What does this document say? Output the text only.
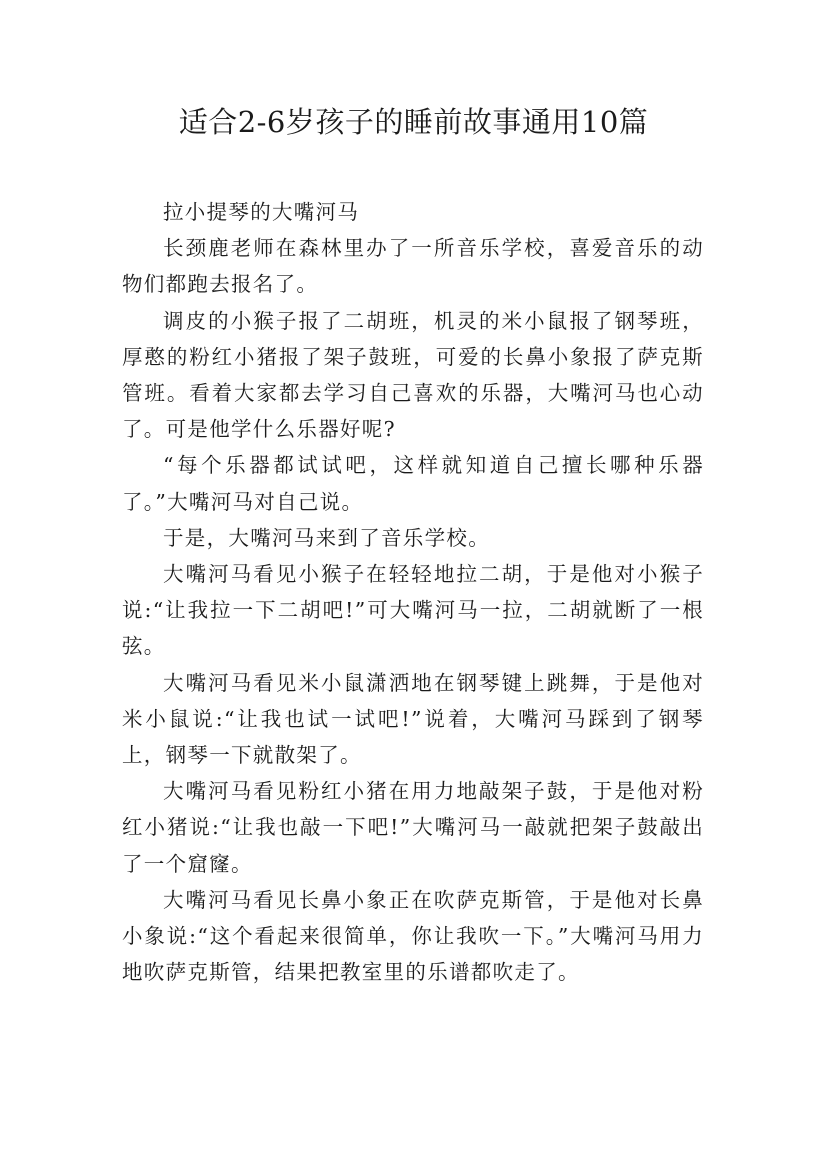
适合2-6岁孩子的睡前故事通用10篇

拉小提琴的大嘴河马

长颈鹿老师在森林里办了一所音乐学校，喜爱音乐的动物们都跑去报名了。

调皮的小猴子报了二胡班，机灵的米小鼠报了钢琴班，厚憨的粉红小猪报了架子鼓班，可爱的长鼻小象报了萨克斯管班。看着大家都去学习自己喜欢的乐器，大嘴河马也心动了。可是他学什么乐器好呢?

“每个乐器都试试吧，这样就知道自己擅长哪种乐器了。”大嘴河马对自己说。

于是，大嘴河马来到了音乐学校。

大嘴河马看见小猴子在轻轻地拉二胡，于是他对小猴子说:“让我拉一下二胡吧!”可大嘴河马一拉，二胡就断了一根弦。

大嘴河马看见米小鼠潇洒地在钢琴键上跳舞，于是他对米小鼠说:“让我也试一试吧!”说着，大嘴河马踩到了钢琴上，钢琴一下就散架了。

大嘴河马看见粉红小猪在用力地敲架子鼓，于是他对粉红小猪说:“让我也敲一下吧!”大嘴河马一敲就把架子鼓敲出了一个窟窿。

大嘴河马看见长鼻小象正在吹萨克斯管，于是他对长鼻小象说:“这个看起来很简单，你让我吹一下。”大嘴河马用力地吹萨克斯管，结果把教室里的乐谱都吹走了。
